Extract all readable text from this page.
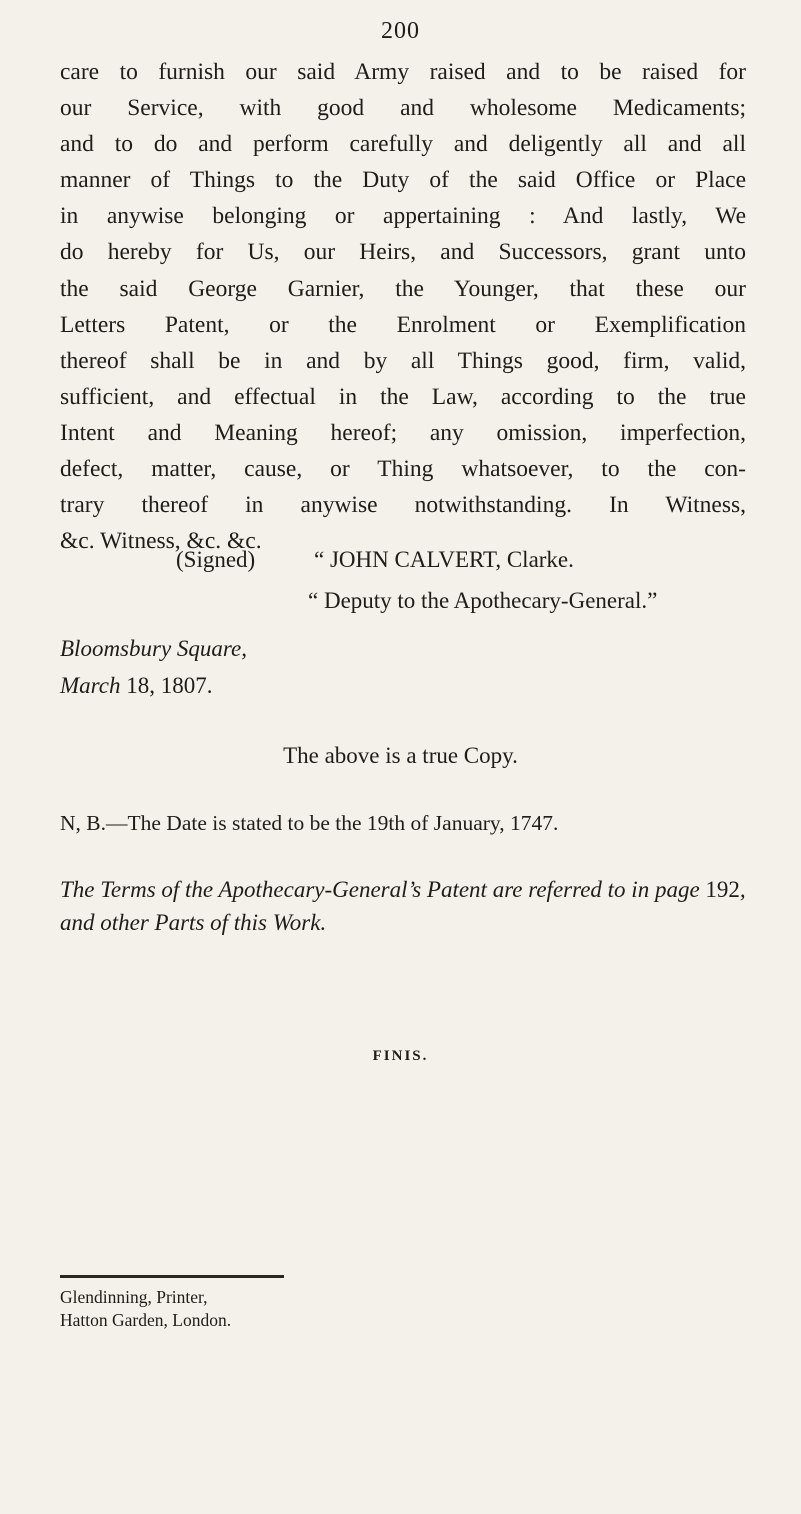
200

care to furnish our said Army raised and to be raised for
our Service, with good and wholesome Medicaments;
and to do and perform carefully and deligently all and all
manner of Things to the Duty of the said Office or Place
in anywise belonging or appertaining : And lastly, We
do hereby for Us, our Heirs, and Successors, grant unto
the said George Garnier, the Younger, that these our
Letters Patent, or the Enrolment or Exemplification
thereof shall be in and by all Things good, firm, valid,
sufficient, and effectual in the Law, according to the true
Intent and Meaning hereof; any omission, imperfection,
defect, matter, cause, or Thing whatsoever, to the con-
trary thereof in anywise notwithstanding. In Witness,
&c. Witness, &c. &c.

(Signed)	“ JOHN CALVERT, Clarke.
“ Deputy to the Apothecary-General.”
Bloomsbury Square,
March 18, 1807.
The above is a true Copy.
N, B.—The Date is stated to be the 19th of January, 1747.
The Terms of the Apothecary-General’s Patent are referred to in page 192, and other Parts of this Work.
FINIS.
Glendinning, Printer,
Hatton Garden, London.
